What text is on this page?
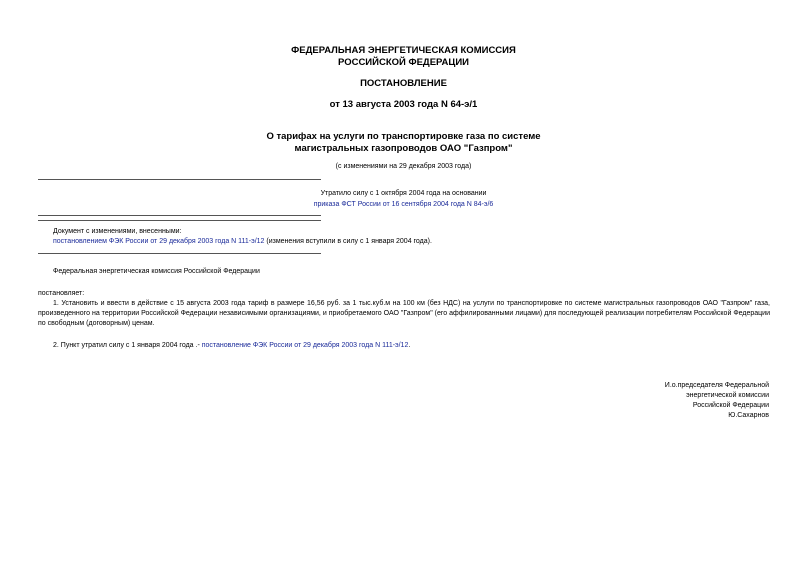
ФЕДЕРАЛЬНАЯ ЭНЕРГЕТИЧЕСКАЯ КОМИССИЯ
РОССИЙСКОЙ ФЕДЕРАЦИИ
ПОСТАНОВЛЕНИЕ
от 13 августа 2003 года N 64-э/1
О тарифах на услуги по транспортировке газа по системе
магистральных газопроводов ОАО "Газпром"
(с изменениями на 29 декабря 2003 года)
Утратило силу с 1 октября 2004 года на основании
приказа ФСТ России от 16 сентября 2004 года N 84-э/6
Документ с изменениями, внесенными:
постановлением ФЭК России от 29 декабря 2003 года N 111-э/12 (изменения вступили в силу с 1 января 2004 года).
Федеральная энергетическая комиссия Российской Федерации
постановляет:
1. Установить и ввести в действие с 15 августа 2003 года тариф в размере 16,56 руб. за 1 тыс.куб.м на 100 км (без НДС) на услуги по транспортировке по системе магистральных газопроводов ОАО "Газпром" газа, произведенного на территории Российской Федерации независимыми организациями, и приобретаемого ОАО "Газпром" (его аффилированными лицами) для последующей реализации потребителям Российской Федерации по свободным (договорным) ценам.
2. Пункт утратил силу с 1 января 2004 года .- постановление ФЭК России от 29 декабря 2003 года N 111-э/12.
И.о.председателя Федеральной
энергетической комиссии
Российской Федерации
Ю.Сахарнов
